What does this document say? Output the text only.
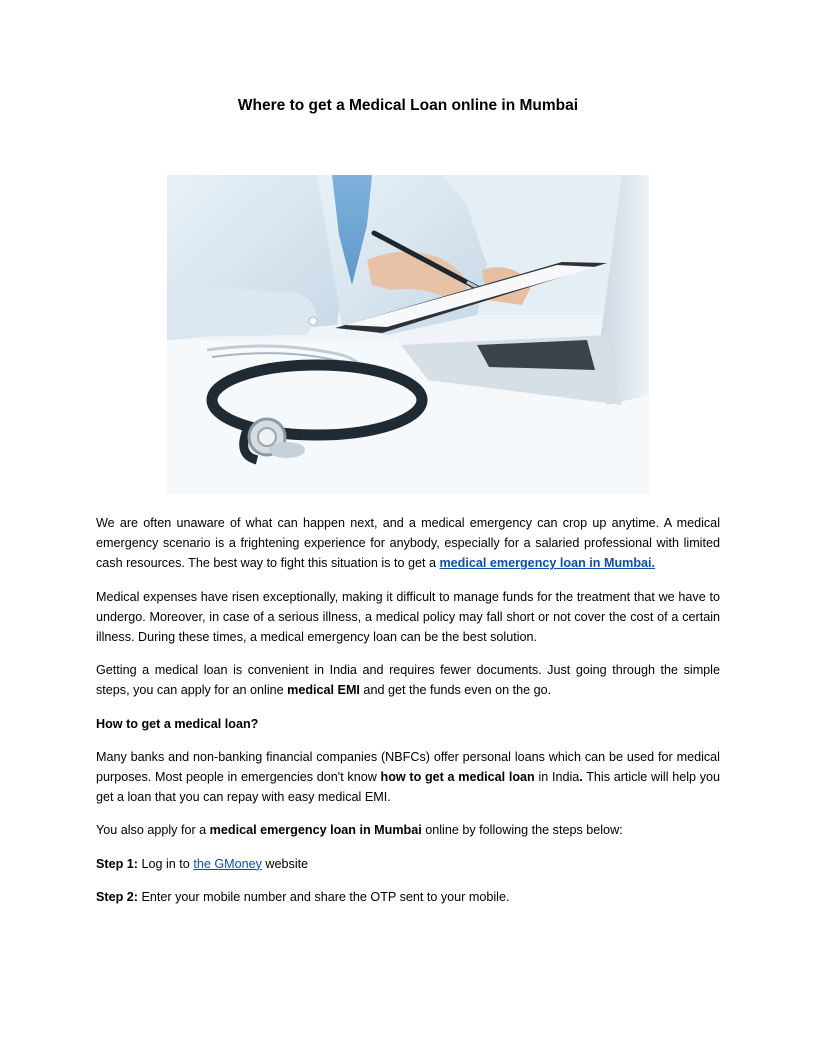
Where to get a Medical Loan online in Mumbai

We are often unaware of what can happen next, and a medical emergency can crop up anytime. A medical emergency scenario is a frightening experience for anybody, especially for a salaried professional with limited cash resources. The best way to fight this situation is to get a medical emergency loan in Mumbai.

Medical expenses have risen exceptionally, making it difficult to manage funds for the treatment that we have to undergo. Moreover, in case of a serious illness, a medical policy may fall short or not cover the cost of a certain illness. During these times, a medical emergency loan can be the best solution.

Getting a medical loan is convenient in India and requires fewer documents. Just going through the simple steps, you can apply for an online medical EMI and get the funds even on the go.

How to get a medical loan?

Many banks and non-banking financial companies (NBFCs) offer personal loans which can be used for medical purposes. Most people in emergencies don't know how to get a medical loan in India. This article will help you get a loan that you can repay with easy medical EMI.

You also apply for a medical emergency loan in Mumbai online by following the steps below:

Step 1: Log in to the GMoney website

Step 2: Enter your mobile number and share the OTP sent to your mobile.
